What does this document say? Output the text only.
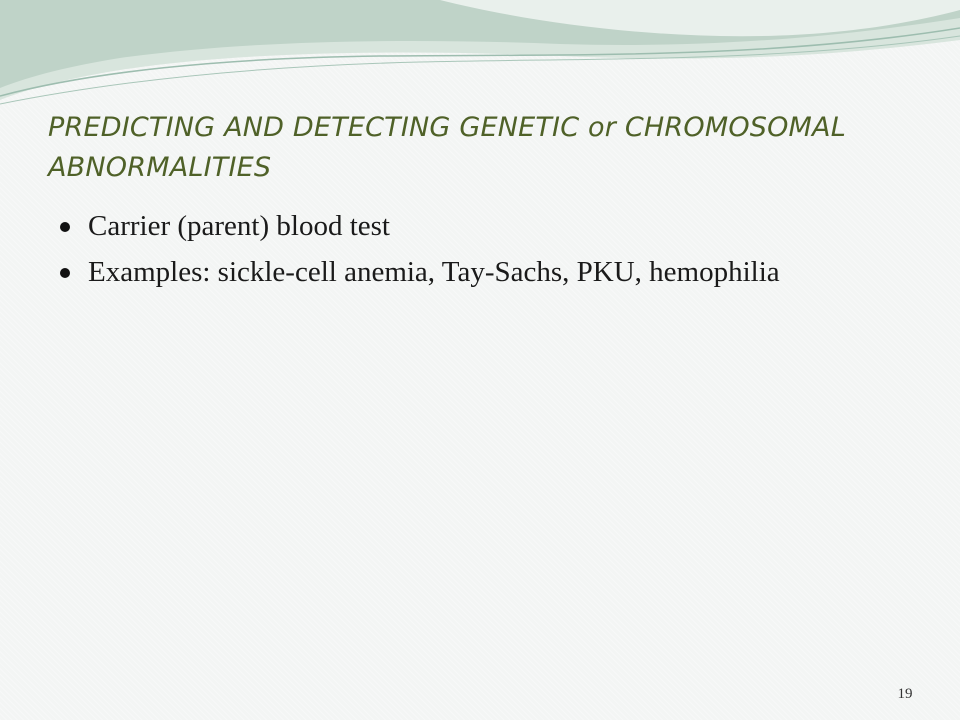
PREDICTING AND DETECTING GENETIC or CHROMOSOMAL ABNORMALITIES
Carrier (parent) blood test
Examples: sickle-cell anemia, Tay-Sachs, PKU, hemophilia
19
